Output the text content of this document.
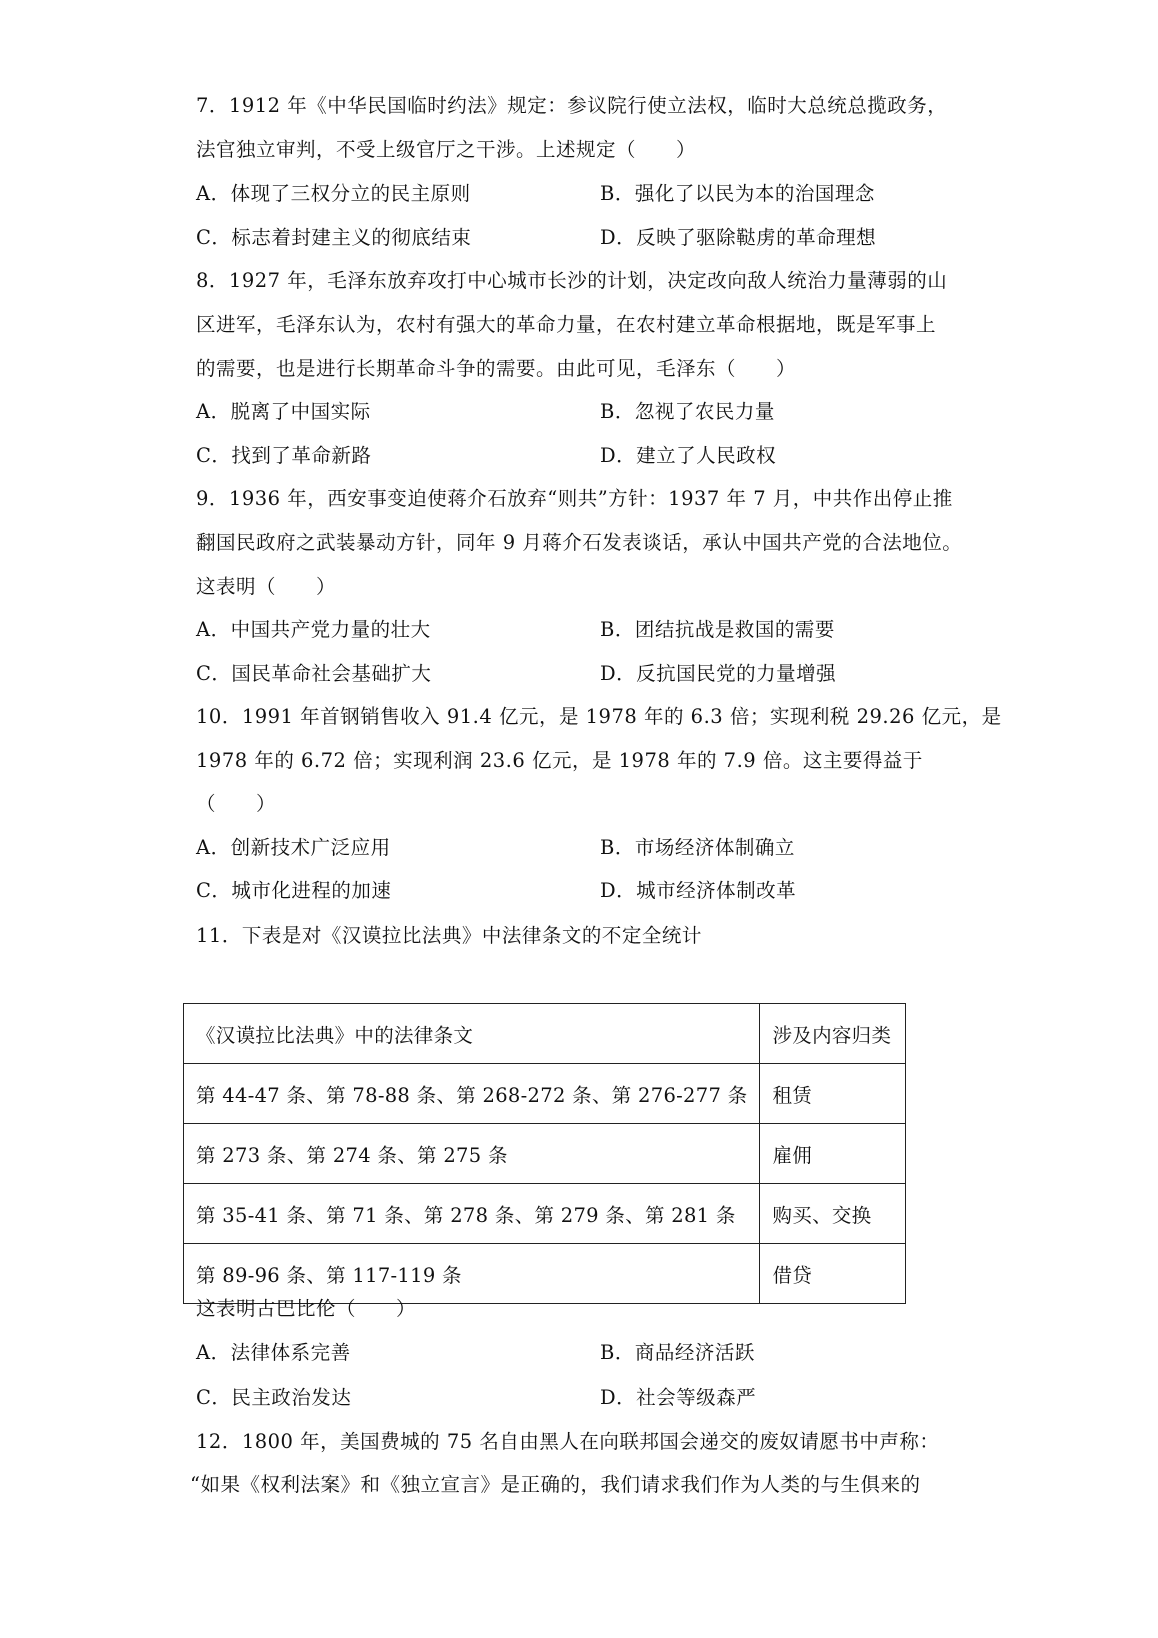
7．1912 年《中华民国临时约法》规定：参议院行使立法权，临时大总统总揽政务，
法官独立审判，不受上级官厅之干涉。上述规定（　　）
A．体现了三权分立的民主原则	B．强化了以民为本的治国理念
C．标志着封建主义的彻底结束	D．反映了驱除鞑虏的革命理想
8．1927 年，毛泽东放弃攻打中心城市长沙的计划，决定改向敌人统治力量薄弱的山
区进军，毛泽东认为，农村有强大的革命力量，在农村建立革命根据地，既是军事上
的需要，也是进行长期革命斗争的需要。由此可见，毛泽东（　　）
A．脱离了中国实际	B．忽视了农民力量
C．找到了革命新路	D．建立了人民政权
9．1936 年，西安事变迫使蒋介石放弃“则共”方针：1937 年 7 月，中共作出停止推
翻国民政府之武装暴动方针，同年 9 月蒋介石发表谈话，承认中国共产党的合法地位。
这表明（　　）
A．中国共产党力量的壮大	B．团结抗战是救国的需要
C．国民革命社会基础扩大	D．反抗国民党的力量增强
10．1991 年首钢销售收入 91.4 亿元，是 1978 年的 6.3 倍；实现利税 29.26 亿元，是
1978 年的 6.72 倍；实现利润 23.6 亿元，是 1978 年的 7.9 倍。这主要得益于
（　　）
A．创新技术广泛应用	B．市场经济体制确立
C．城市化进程的加速	D．城市经济体制改革
11．下表是对《汉谟拉比法典》中法律条文的不定全统计
《汉谟拉比法典》中的法律条文	涉及内容归类
第 44-47 条、第 78-88 条、第 268-272 条、第 276-277 条	租赁
第 273 条、第 274 条、第 275 条	雇佣
第 35-41 条、第 71 条、第 278 条、第 279 条、第 281 条	购买、交换
第 89-96 条、第 117-119 条	借贷
这表明古巴比伦（　　）
A．法律体系完善	B．商品经济活跃
C．民主政治发达	D．社会等级森严
12．1800 年，美国费城的 75 名自由黑人在向联邦国会递交的废奴请愿书中声称：
“如果《权利法案》和《独立宣言》是正确的，我们请求我们作为人类的与生俱来的
